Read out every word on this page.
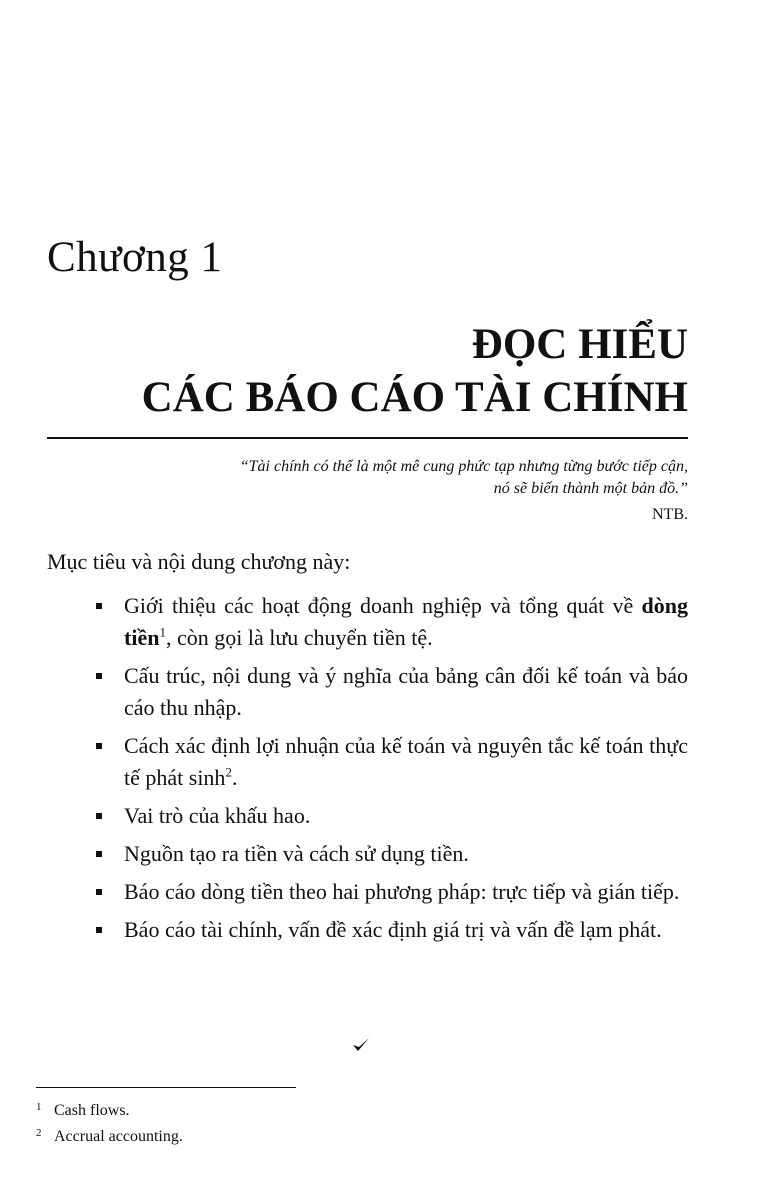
Chương 1
ĐỌC HIỂU
CÁC BÁO CÁO TÀI CHÍNH
“Tài chính có thể là một mê cung phức tạp nhưng từng bước tiếp cận,
nó sẽ biến thành một bản đồ.”
NTB.
Mục tiêu và nội dung chương này:
Giới thiệu các hoạt động doanh nghiệp và tổng quát về dòng tiền$^1$, còn gọi là lưu chuyển tiền tệ.
Cấu trúc, nội dung và ý nghĩa của bảng cân đối kế toán và báo cáo thu nhập.
Cách xác định lợi nhuận của kế toán và nguyên tắc kế toán thực tế phát $\sinh^2$.
Vai trò của khấu hao.
Nguồn tạo ra tiền và cách sử dụng tiền.
Báo cáo dòng tiền theo hai phương pháp: trực tiếp và gián tiếp.
Báo cáo tài chính, vấn đề xác định giá trị và vấn đề lạm phát.
1 Cash flows.
2 Accrual accounting.
